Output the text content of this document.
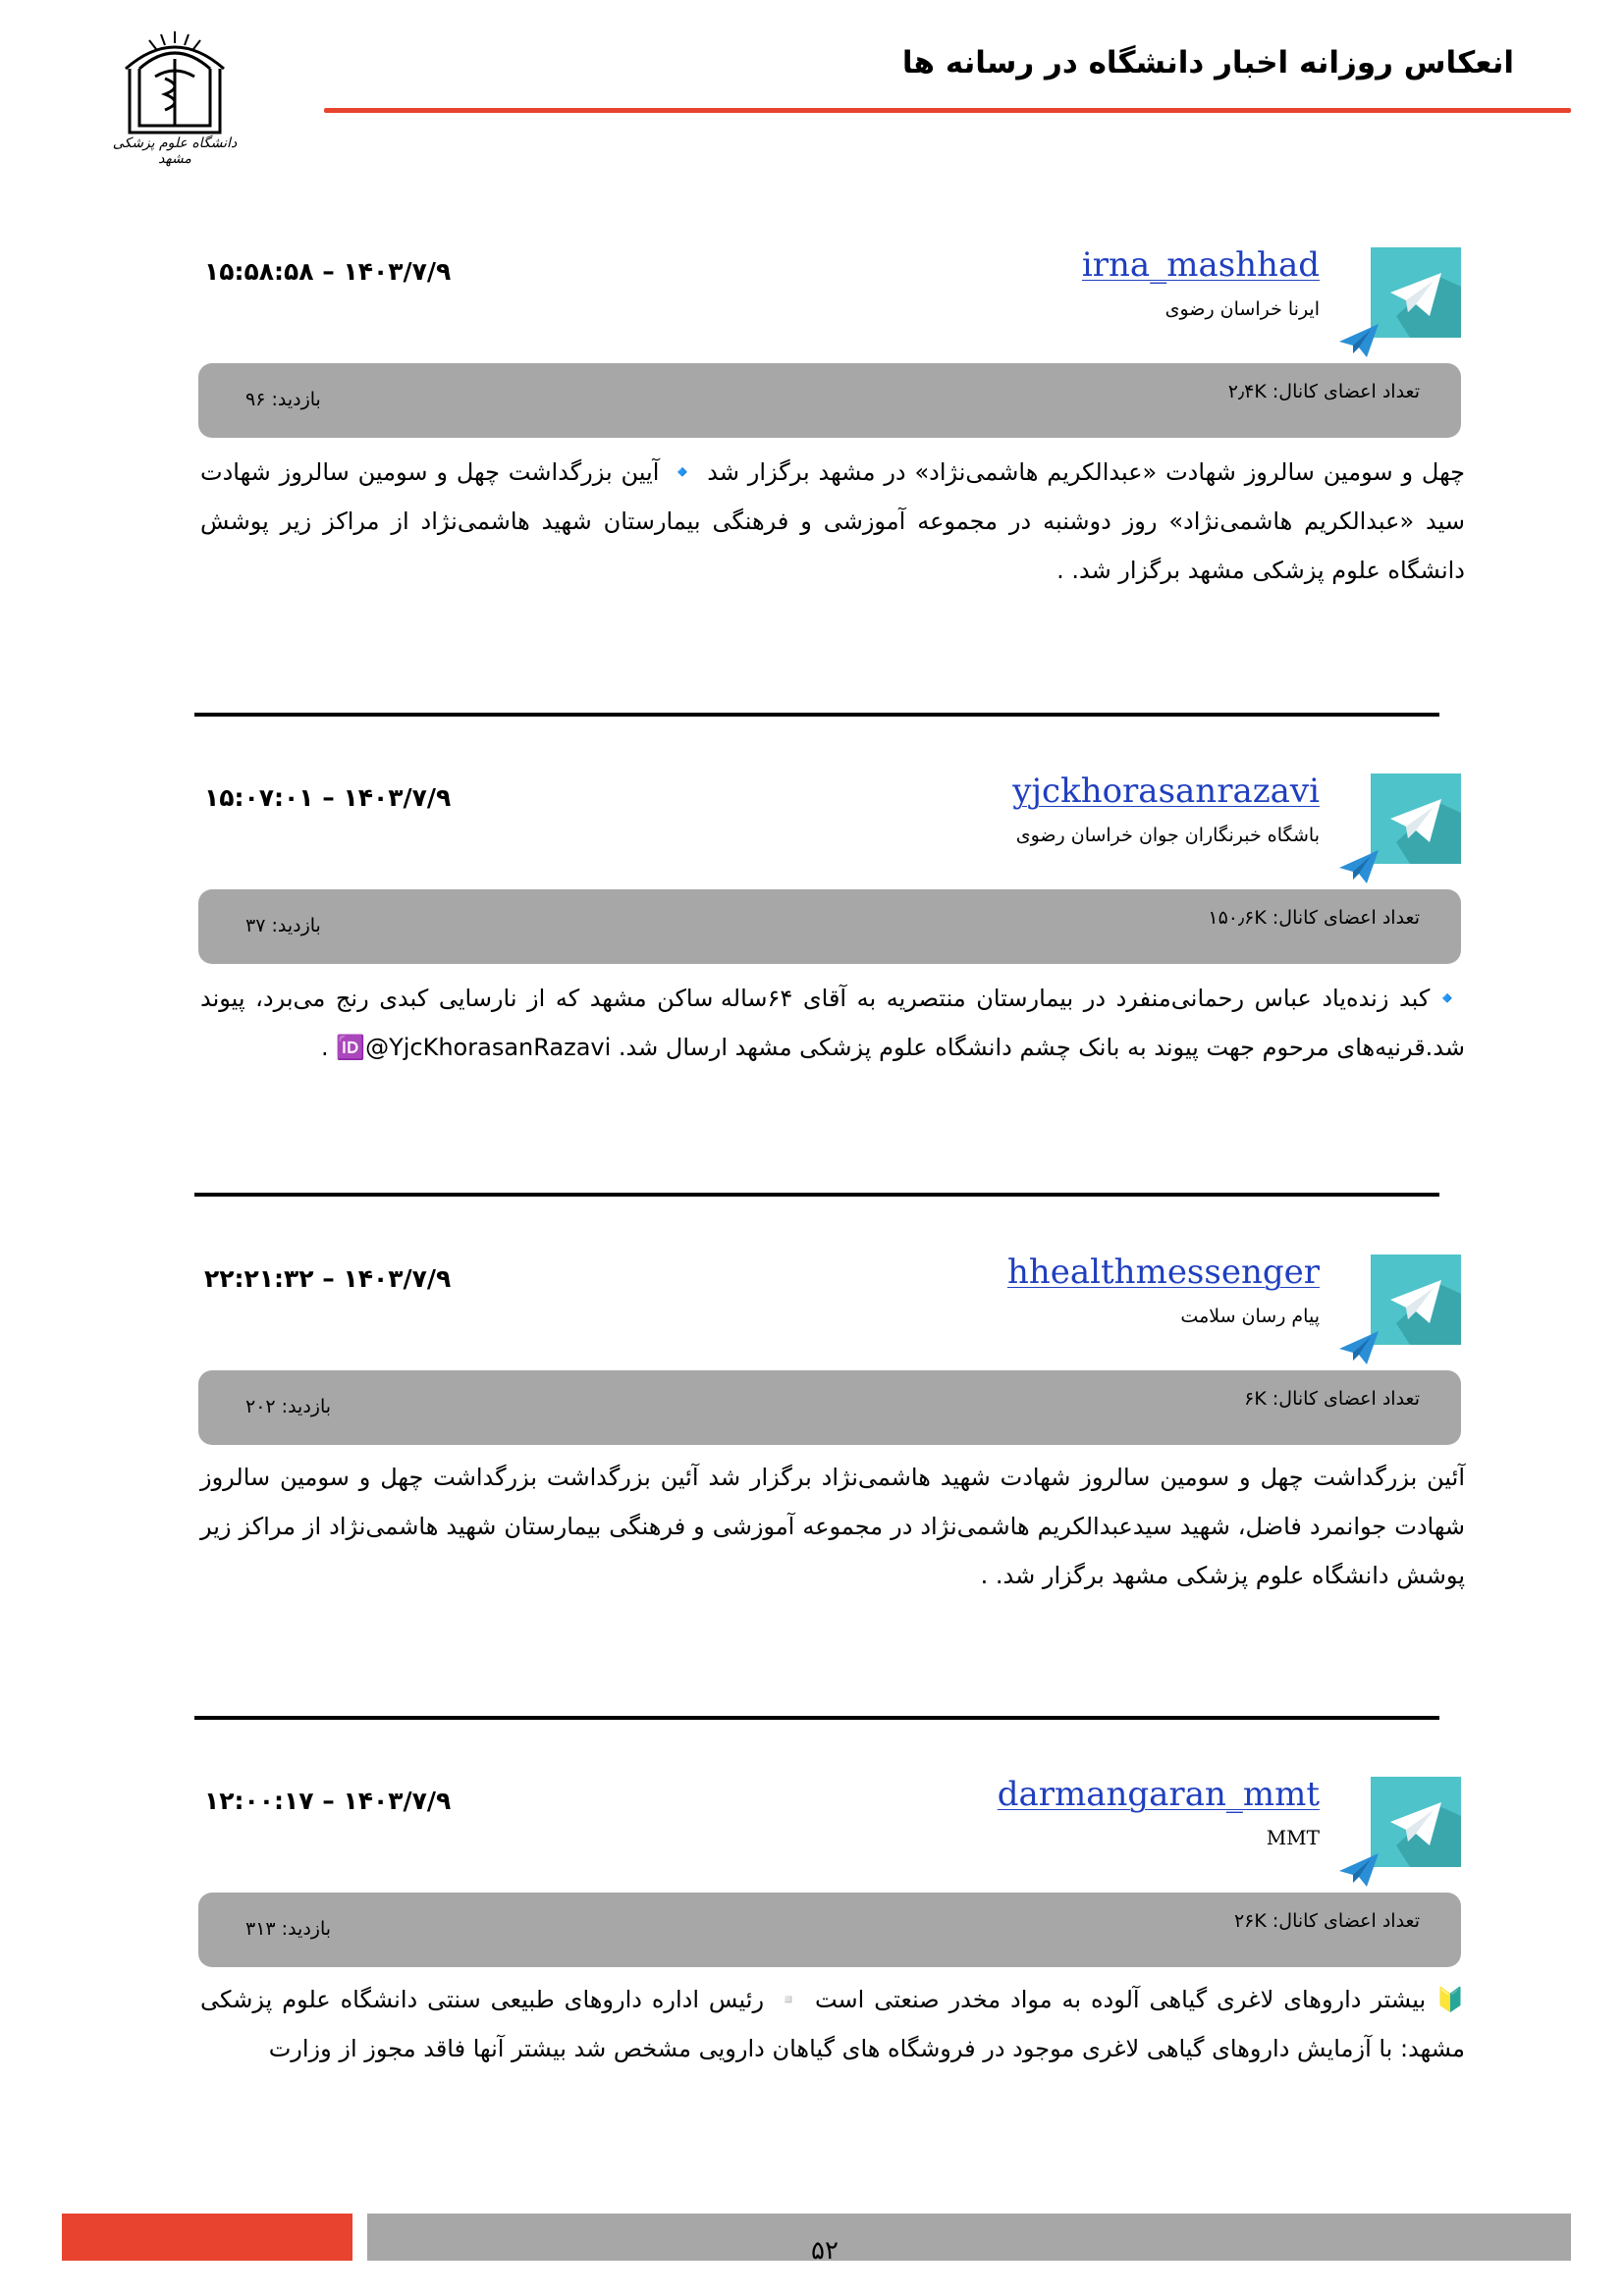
انعکاس روزانه اخبار دانشگاه در رسانه ها
دانشگاه علوم پزشکی مشهد
irna_mashhad
ایرنا خراسان رضوی
۱۴۰۳/۷/۹ – ۱۵:۵۸:۵۸
تعداد اعضای کانال: ۲٫۴K
بازدید: ۹۶
چهل و سومین سالروز شهادت «عبدالکریم هاشمی‌نژاد» در مشهد برگزار شد 🔹 آیین بزرگداشت چهل و سومین سالروز شهادت سید «عبدالکریم هاشمی‌نژاد» روز دوشنبه در مجموعه آموزشی و فرهنگی بیمارستان شهید هاشمی‌نژاد از مراکز زیر پوشش دانشگاه علوم پزشکی مشهد برگزار شد. .
yjckhorasanrazavi
باشگاه خبرنگاران جوان خراسان رضوی
۱۴۰۳/۷/۹ – ۱۵:۰۷:۰۱
تعداد اعضای کانال: ۱۵۰٫۶K
بازدید: ۳۷
🔹کبد زنده‌یاد عباس رحمانی‌منفرد در بیمارستان منتصریه به آقای ۶۴ساله ساکن مشهد که از نارسایی کبدی رنج می‌برد، پیوند شد.قرنیه‌های مرحوم جهت پیوند به بانک چشم دانشگاه علوم پزشکی مشهد ارسال شد. 🆔@YjcKhorasanRazavi .
hhealthmessenger
پیام رسان سلامت
۱۴۰۳/۷/۹ – ۲۲:۲۱:۳۲
تعداد اعضای کانال: ۶K
بازدید: ۲۰۲
آئین بزرگداشت چهل و سومین سالروز شهادت شهید هاشمی‌نژاد برگزار شد آئین بزرگداشت بزرگداشت چهل و سومین سالروز شهادت جوانمرد فاضل، شهید سیدعبدالکریم هاشمی‌نژاد در مجموعه آموزشی و فرهنگی بیمارستان شهید هاشمی‌نژاد از مراکز زیر پوشش دانشگاه علوم پزشکی مشهد برگزار شد. .
darmangaran_mmt
MMT
۱۴۰۳/۷/۹ – ۱۲:۰۰:۱۷
تعداد اعضای کانال: ۲۶K
بازدید: ۳۱۳
🔰 بیشتر داروهای لاغری گیاهی آلوده به مواد مخدر صنعتی است ▫️ رئیس اداره داروهای طبیعی سنتی دانشگاه علوم پزشکی مشهد: با آزمایش داروهای گیاهی لاغری موجود در فروشگاه های گیاهان دارویی مشخص شد بیشتر آنها فاقد مجوز از وزارت
۵۲
